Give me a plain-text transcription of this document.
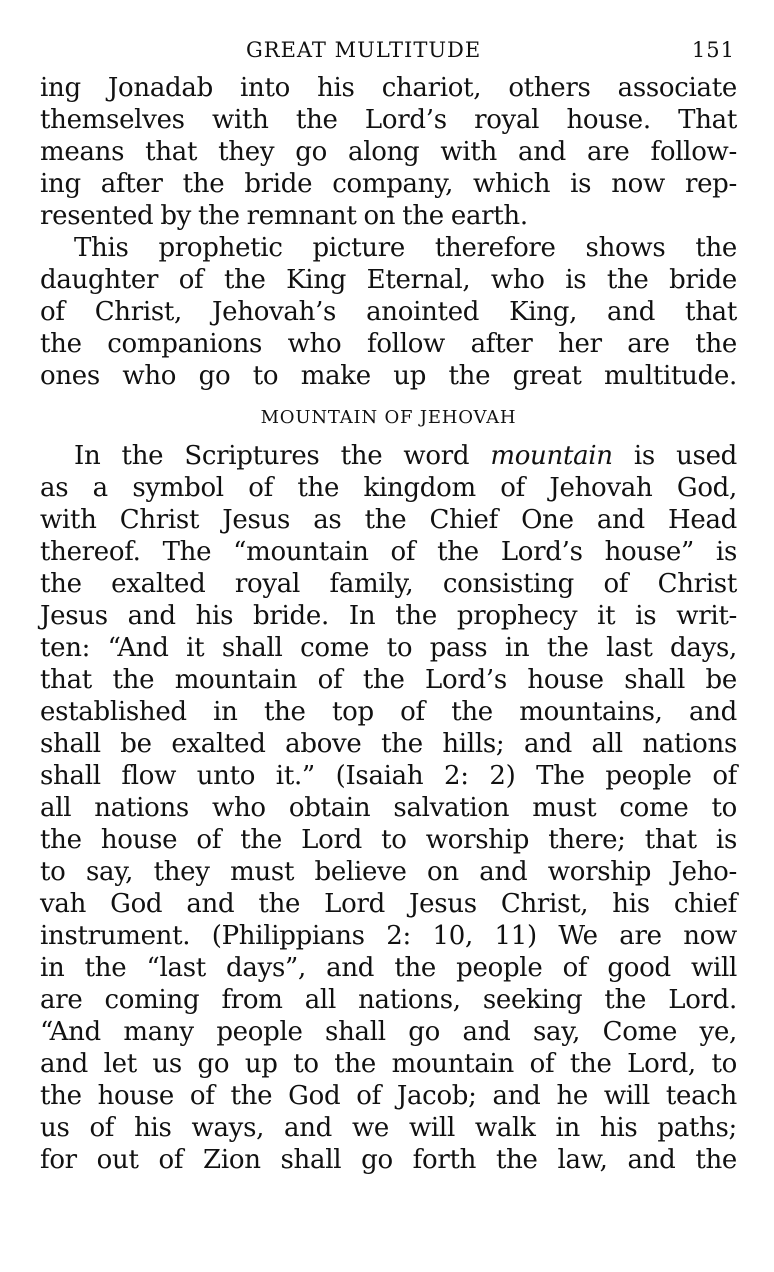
GREAT MULTITUDE	151

ing Jonadab into his chariot, others associate
themselves with the Lord’s royal house. That
means that they go along with and are follow-
ing after the bride company, which is now rep-
resented by the remnant on the earth.

This prophetic picture therefore shows the
daughter of the King Eternal, who is the bride
of Christ, Jehovah’s anointed King, and that
the companions who follow after her are the
ones who go to make up the great multitude.

MOUNTAIN OF JEHOVAH

In the Scriptures the word mountain is used
as a symbol of the kingdom of Jehovah God,
with Christ Jesus as the Chief One and Head
thereof. The “mountain of the Lord’s house” is
the exalted royal family, consisting of Christ
Jesus and his bride. In the prophecy it is writ-
ten: “And it shall come to pass in the last days,
that the mountain of the Lord’s house shall be
established in the top of the mountains, and
shall be exalted above the hills; and all nations
shall flow unto it.” (Isaiah 2: 2) The people of
all nations who obtain salvation must come to
the house of the Lord to worship there; that is
to say, they must believe on and worship Jeho-
vah God and the Lord Jesus Christ, his chief
instrument. (Philippians 2: 10, 11) We are now
in the “last days”, and the people of good will
are coming from all nations, seeking the Lord.
“And many people shall go and say, Come ye,
and let us go up to the mountain of the Lord, to
the house of the God of Jacob; and he will teach
us of his ways, and we will walk in his paths;
for out of Zion shall go forth the law, and the
